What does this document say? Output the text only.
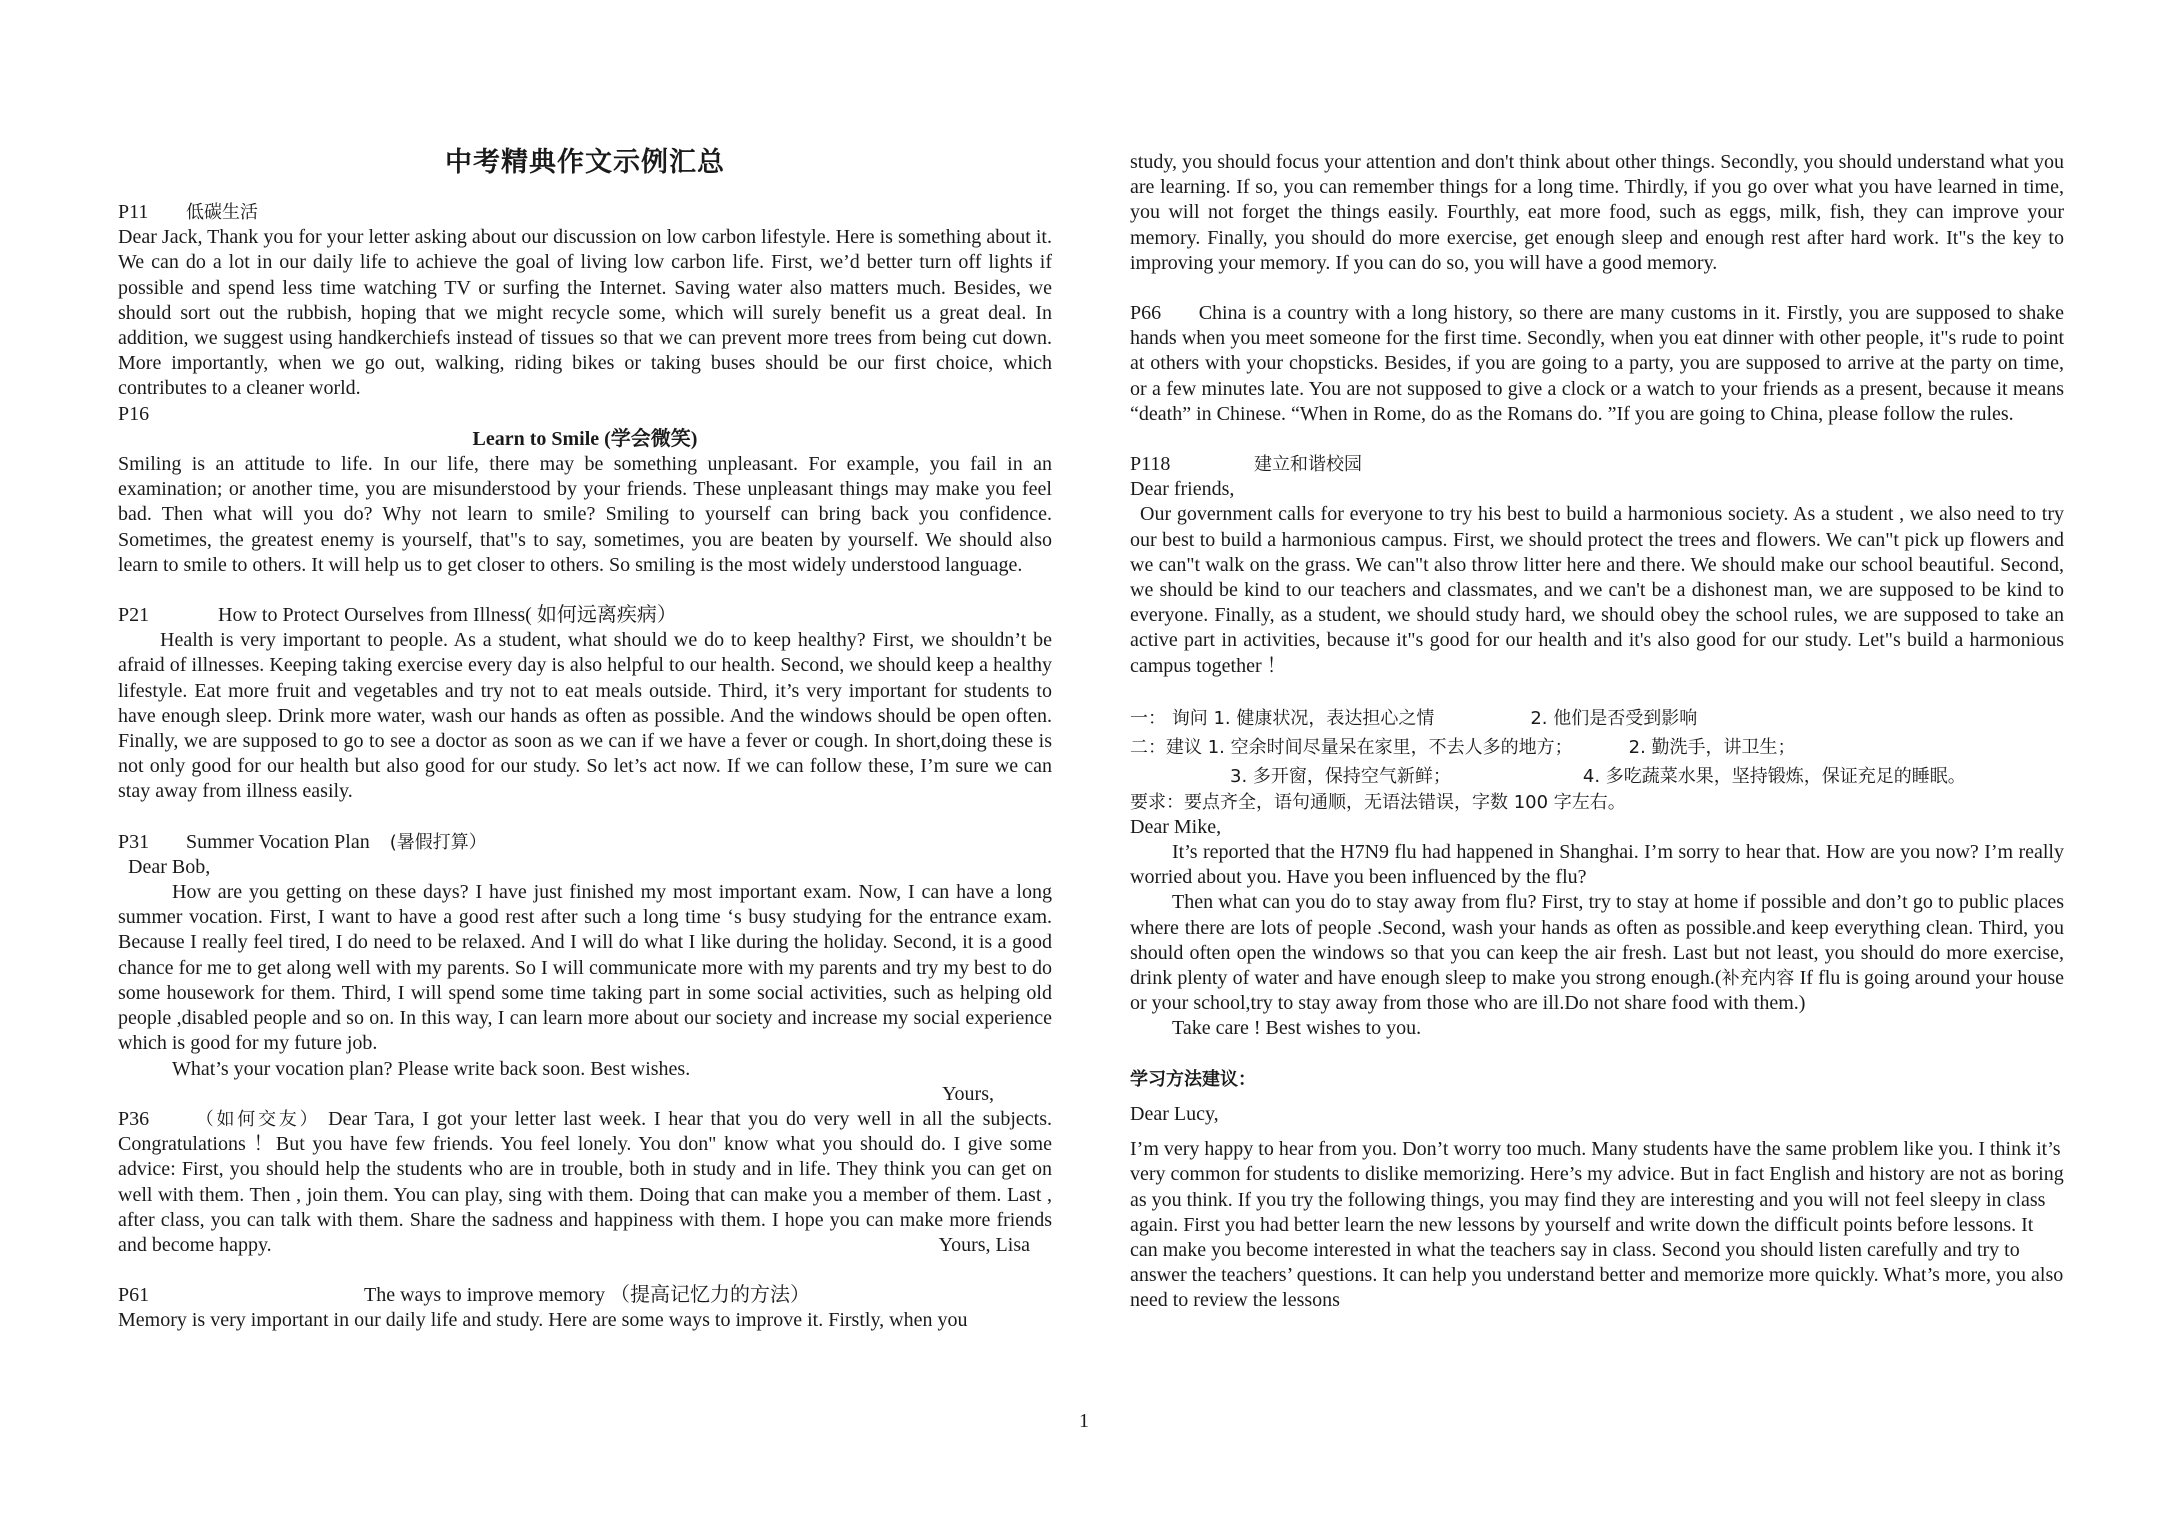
中考精典作文示例汇总

P11 低碳生活

Dear Jack, Thank you for your letter asking about our discussion on low carbon lifestyle. Here is something about it. We can do a lot in our daily life to achieve the goal of living low carbon life. First, we’d better turn off lights if possible and spend less time watching TV or surfing the Internet. Saving water also matters much. Besides, we should sort out the rubbish, hoping that we might recycle some, which will surely benefit us a great deal. In addition, we suggest using handkerchiefs instead of tissues so that we can prevent more trees from being cut down. More importantly, when we go out, walking, riding bikes or taking buses should be our first choice, which contributes to a cleaner world.

P16

Learn to Smile (学会微笑)

Smiling is an attitude to life. In our life, there may be something unpleasant. For example, you fail in an examination; or another time, you are misunderstood by your friends. These unpleasant things may make you feel bad. Then what will you do? Why not learn to smile? Smiling to yourself can bring back you confidence. Sometimes, the greatest enemy is yourself, that"s to say, sometimes, you are beaten by yourself. We should also learn to smile to others. It will help us to get closer to others. So smiling is the most widely understood language.

P21	How to Protect Ourselves from Illness( 如何远离疾病）

Health is very important to people. As a student, what should we do to keep healthy? First, we shouldn’t be afraid of illnesses. Keeping taking exercise every day is also helpful to our health. Second, we should keep a healthy lifestyle. Eat more fruit and vegetables and try not to eat meals outside. Third, it’s very important for students to have enough sleep. Drink more water, wash our hands as often as possible. And the windows should be open often. Finally, we are supposed to go to see a doctor as soon as we can if we have a fever or cough. In short,doing these is not only good for our health but also good for our study. So let’s act now. If we can follow these, I’m sure we can stay away from illness easily.

P31 Summer Vocation Plan (暑假打算）

Dear Bob,

How are you getting on these days? I have just finished my most important exam. Now, I can have a long summer vocation. First, I want to have a good rest after such a long time ‘s busy studying for the entrance exam. Because I really feel tired, I do need to be relaxed. And I will do what I like during the holiday. Second, it is a good chance for me to get along well with my parents. So I will communicate more with my parents and try my best to do some housework for them. Third, I will spend some time taking part in some social activities, such as helping old people ,disabled people and so on. In this way, I can learn more about our society and increase my social experience which is good for my future job.

What’s your vocation plan? Please write back soon. Best wishes.

Yours,

P36	（如何交友） Dear Tara, I got your letter last week. I hear that you do very well in all the subjects. Congratulations ！But you have few friends. You feel lonely. You don" know what you should do. I give some advice: First, you should help the students who are in trouble, both in study and in life. They think you can get on well with them. Then , join them. You can play, sing with them. Doing that can make you a member of them. Last , after class, you can talk with them. Share the sadness and happiness with them. I hope you can make more friends and become happy.	Yours, Lisa

P61	The ways to improve memory （提高记忆力的方法）

Memory is very important in our daily life and study. Here are some ways to improve it. Firstly, when you

study, you should focus your attention and don't think about other things. Secondly, you should understand what you are learning. If so, you can remember things for a long time. Thirdly, if you go over what you have learned in time, you will not forget the things easily. Fourthly, eat more food, such as eggs, milk, fish, they can improve your memory. Finally, you should do more exercise, get enough sleep and enough rest after hard work. It"s the key to improving your memory. If you can do so, you will have a good memory.

P66 China is a country with a long history, so there are many customs in it. Firstly, you are supposed to shake hands when you meet someone for the first time. Secondly, when you eat dinner with other people, it"s rude to point at others with your chopsticks. Besides, if you are going to a party, you are supposed to arrive at the party on time, or a few minutes late. You are not supposed to give a clock or a watch to your friends as a present, because it means “death” in Chinese. “When in Rome, do as the Romans do. ”If you are going to China, please follow the rules.

P118	建立和谐校园

Dear friends,

Our government calls for everyone to try his best to build a harmonious society. As a student , we also need to try our best to build a harmonious campus. First, we should protect the trees and flowers. We can"t pick up flowers and we can"t walk on the grass. We can"t also throw litter here and there. We should make our school beautiful. Second, we should be kind to our teachers and classmates, and we can't be a dishonest man, we are supposed to be kind to everyone. Finally, as a student, we should study hard, we should obey the school rules, we are supposed to take an active part in activities, because it"s good for our health and it's also good for our study. Let"s build a harmonious campus together ！

一： 询问 1. 健康状况，表达担心之情	2. 他们是否受到影响

二：建议 1. 空余时间尽量呆在家里，不去人多的地方；	2. 勤洗手，讲卫生；

3. 多开窗，保持空气新鲜；	4. 多吃蔬菜水果，坚持锻炼，保证充足的睡眠。

要求：要点齐全，语句通顺，无语法错误，字数 100 字左右。

Dear Mike,

It’s reported that the H7N9 flu had happened in Shanghai. I’m sorry to hear that. How are you now? I’m really worried about you. Have you been influenced by the flu?

Then what can you do to stay away from flu? First, try to stay at home if possible and don’t go to public places where there are lots of people .Second, wash your hands as often as possible.and keep everything clean. Third, you should often open the windows so that you can keep the air fresh. Last but not least, you should do more exercise, drink plenty of water and have enough sleep to make you strong enough.(补充内容 If flu is going around your house or your school,try to stay away from those who are ill.Do not share food with them.)

Take care ! Best wishes to you.

学习方法建议：

Dear Lucy,

I’m very happy to hear from you. Don’t worry too much. Many students have the same problem like you. I think it’s very common for students to dislike memorizing. Here’s my advice. But in fact English and history are not as boring as you think. If you try the following things, you may find they are interesting and you will not feel sleepy in class again. First you had better learn the new lessons by yourself and write down the difficult points before lessons. It can make you become interested in what the teachers say in class. Second you should listen carefully and try to answer the teachers’ questions. It can help you understand better and memorize more quickly. What’s more, you also need to review the lessons

1
